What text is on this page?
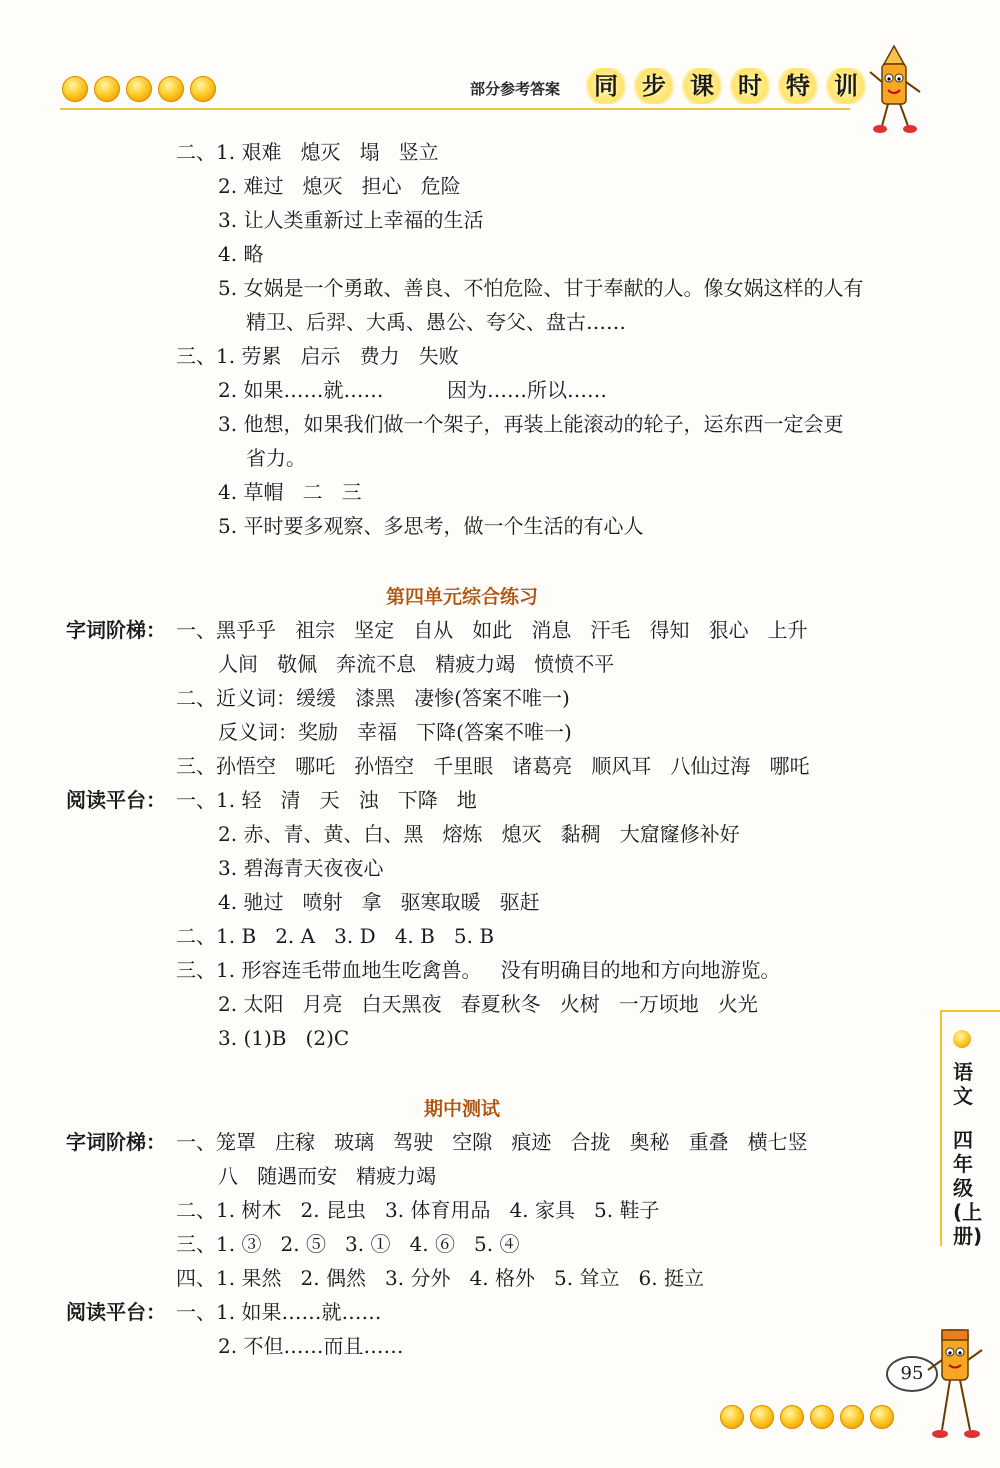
部分参考答案	同	步	课	时	特	训
二、1. 艰难   熄灭   塌   竖立
2. 难过   熄灭   担心   危险
3. 让人类重新过上幸福的生活
4. 略
5. 女娲是一个勇敢、善良、不怕危险、甘于奉献的人。像女娲这样的人有
精卫、后羿、大禹、愚公、夸父、盘古……
三、1. 劳累   启示   费力   失败
2. 如果……就……          因为……所以……
3. 他想，如果我们做一个架子，再装上能滚动的轮子，运东西一定会更
省力。
4. 草帽   二   三
5. 平时要多观察、多思考，做一个生活的有心人
第四单元综合练习
字词阶梯： 一、黑乎乎   祖宗   坚定   自从   如此   消息   汗毛   得知   狠心   上升
人间   敬佩   奔流不息   精疲力竭   愤愤不平
二、近义词：缓缓   漆黑   凄惨(答案不唯一)
反义词：奖励   幸福   下降(答案不唯一)
三、孙悟空   哪吒   孙悟空   千里眼   诸葛亮   顺风耳   八仙过海   哪吒
阅读平台： 一、1. 轻   清   天   浊   下降   地
2. 赤、青、黄、白、黑   熔炼   熄灭   黏稠   大窟窿修补好
3. 碧海青天夜夜心
4. 驰过   喷射   拿   驱寒取暖   驱赶
二、1. B   2. A   3. D   4. B   5. B
三、1. 形容连毛带血地生吃禽兽。   没有明确目的地和方向地游览。
2. 太阳   月亮   白天黑夜   春夏秋冬   火树   一万顷地   火光
3. (1)B   (2)C
期中测试
字词阶梯： 一、笼罩   庄稼   玻璃   驾驶   空隙   痕迹   合拢   奥秘   重叠   横七竖
八   随遇而安   精疲力竭
二、1. 树木   2. 昆虫   3. 体育用品   4. 家具   5. 鞋子
三、1. ③   2. ⑤   3. ①   4. ⑥   5. ④
四、1. 果然   2. 偶然   3. 分外   4. 格外   5. 耸立   6. 挺立
阅读平台： 一、1. 如果……就……
2. 不但……而且……
语文
四年级(上册)
95
